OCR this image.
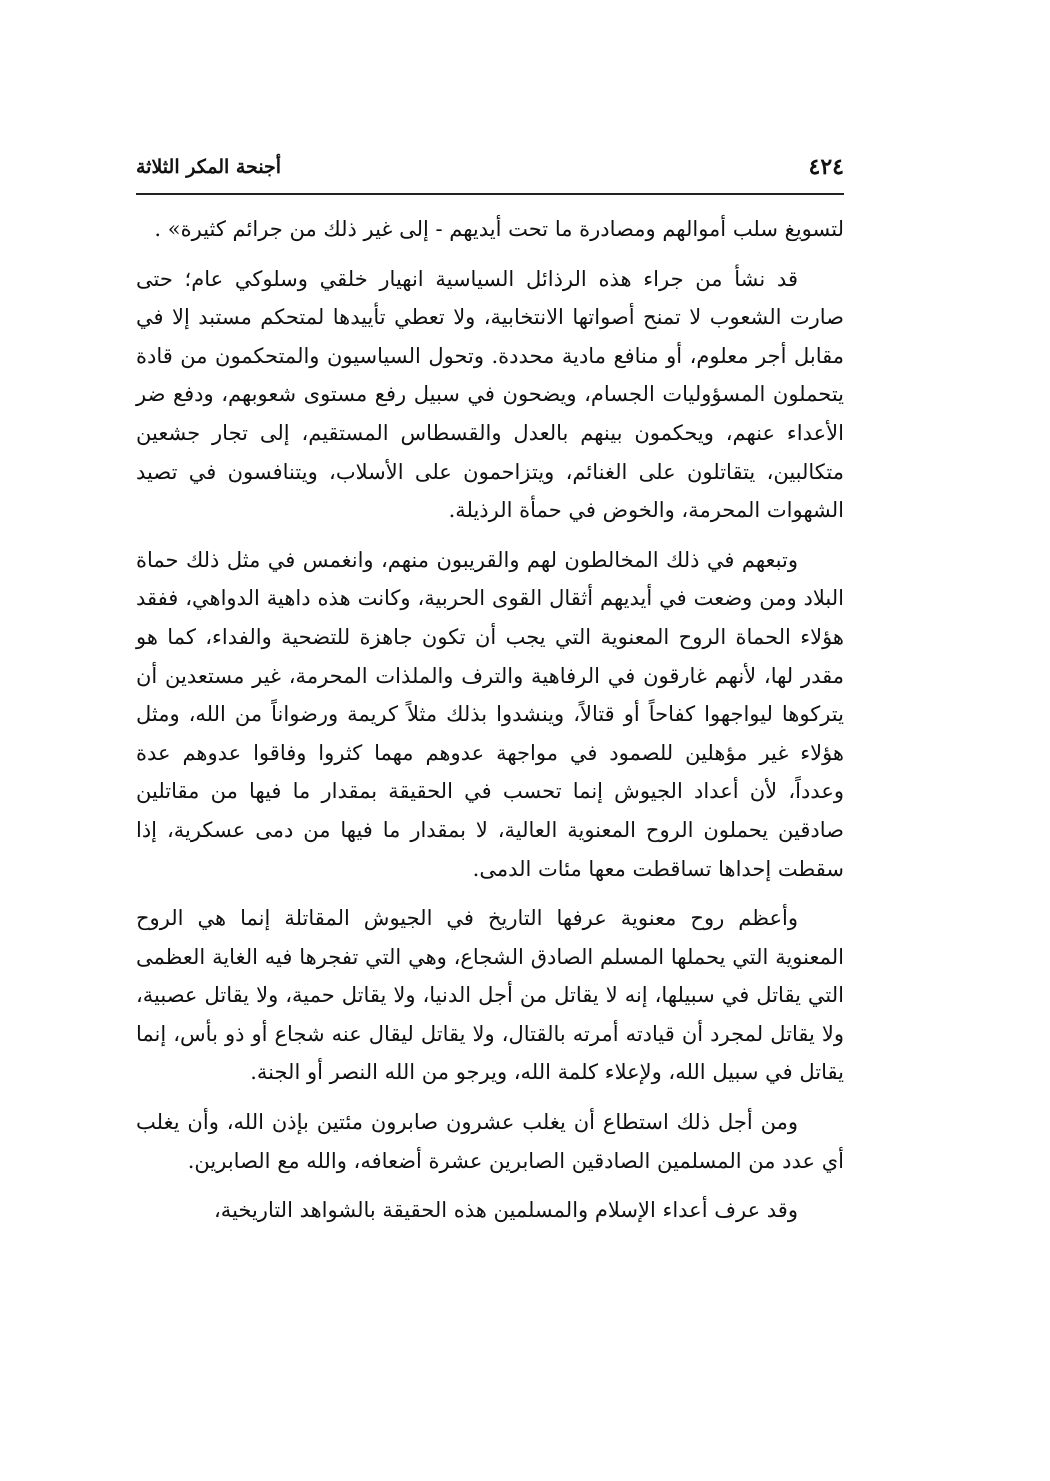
٤٢٤
أجنحة المكر الثلاثة

لتسويغ سلب أموالهم ومصادرة ما تحت أيديهم - إلى غير ذلك من جرائم كثيرة» .

قد نشأ من جراء هذه الرذائل السياسية انهيار خلقي وسلوكي عام؛ حتى صارت الشعوب لا تمنح أصواتها الانتخابية، ولا تعطي تأييدها لمتحكم مستبد إلا في مقابل أجر معلوم، أو منافع مادية محددة. وتحول السياسيون والمتحكمون من قادة يتحملون المسؤوليات الجسام، ويضحون في سبيل رفع مستوى شعوبهم، ودفع ضر الأعداء عنهم، ويحكمون بينهم بالعدل والقسطاس المستقيم، إلى تجار جشعين متكالبين، يتقاتلون على الغنائم، ويتزاحمون على الأسلاب، ويتنافسون في تصيد الشهوات المحرمة، والخوض في حمأة الرذيلة.

وتبعهم في ذلك المخالطون لهم والقريبون منهم، وانغمس في مثل ذلك حماة البلاد ومن وضعت في أيديهم أثقال القوى الحربية، وكانت هذه داهية الدواهي، ففقد هؤلاء الحماة الروح المعنوية التي يجب أن تكون جاهزة للتضحية والفداء، كما هو مقدر لها، لأنهم غارقون في الرفاهية والترف والملذات المحرمة، غير مستعدين أن يتركوها ليواجهوا كفاحاً أو قتالاً، وينشدوا بذلك مثلاً كريمة ورضواناً من الله، ومثل هؤلاء غير مؤهلين للصمود في مواجهة عدوهم مهما كثروا وفاقوا عدوهم عدة وعدداً، لأن أعداد الجيوش إنما تحسب في الحقيقة بمقدار ما فيها من مقاتلين صادقين يحملون الروح المعنوية العالية، لا بمقدار ما فيها من دمى عسكرية، إذا سقطت إحداها تساقطت معها مئات الدمى.

وأعظم روح معنوية عرفها التاريخ في الجيوش المقاتلة إنما هي الروح المعنوية التي يحملها المسلم الصادق الشجاع، وهي التي تفجرها فيه الغاية العظمى التي يقاتل في سبيلها، إنه لا يقاتل من أجل الدنيا، ولا يقاتل حمية، ولا يقاتل عصبية، ولا يقاتل لمجرد أن قيادته أمرته بالقتال، ولا يقاتل ليقال عنه شجاع أو ذو بأس، إنما يقاتل في سبيل الله، ولإعلاء كلمة الله، ويرجو من الله النصر أو الجنة.

ومن أجل ذلك استطاع أن يغلب عشرون صابرون مئتين بإذن الله، وأن يغلب أي عدد من المسلمين الصادقين الصابرين عشرة أضعافه، والله مع الصابرين.

وقد عرف أعداء الإسلام والمسلمين هذه الحقيقة بالشواهد التاريخية،
